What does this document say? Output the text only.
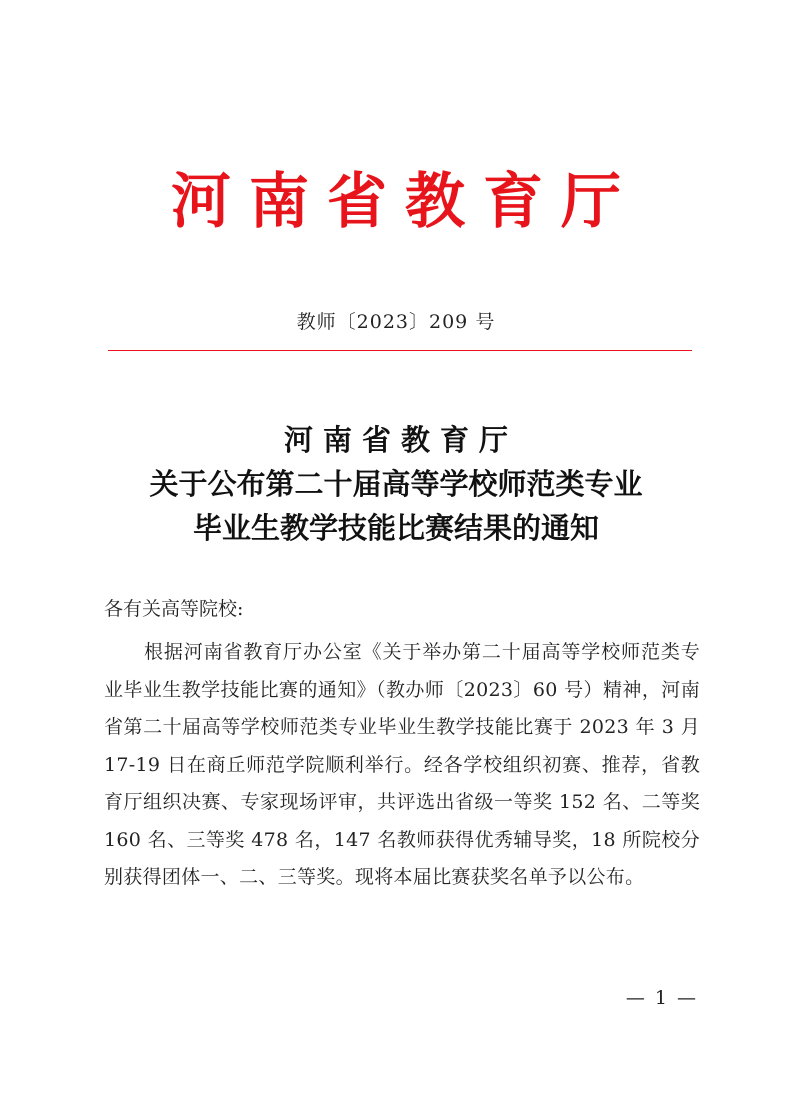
河南省教育厅
教师〔2023〕209 号
河南省教育厅
关于公布第二十届高等学校师范类专业
毕业生教学技能比赛结果的通知
各有关高等院校:
根据河南省教育厅办公室《关于举办第二十届高等学校师范类专业毕业生教学技能比赛的通知》（教办师〔2023〕60 号）精神，河南省第二十届高等学校师范类专业毕业生教学技能比赛于 2023 年 3 月 17-19 日在商丘师范学院顺利举行。经各学校组织初赛、推荐，省教育厅组织决赛、专家现场评审，共评选出省级一等奖 152 名、二等奖 160 名、三等奖 478 名，147 名教师获得优秀辅导奖，18 所院校分别获得团体一、二、三等奖。现将本届比赛获奖名单予以公布。
— 1 —
